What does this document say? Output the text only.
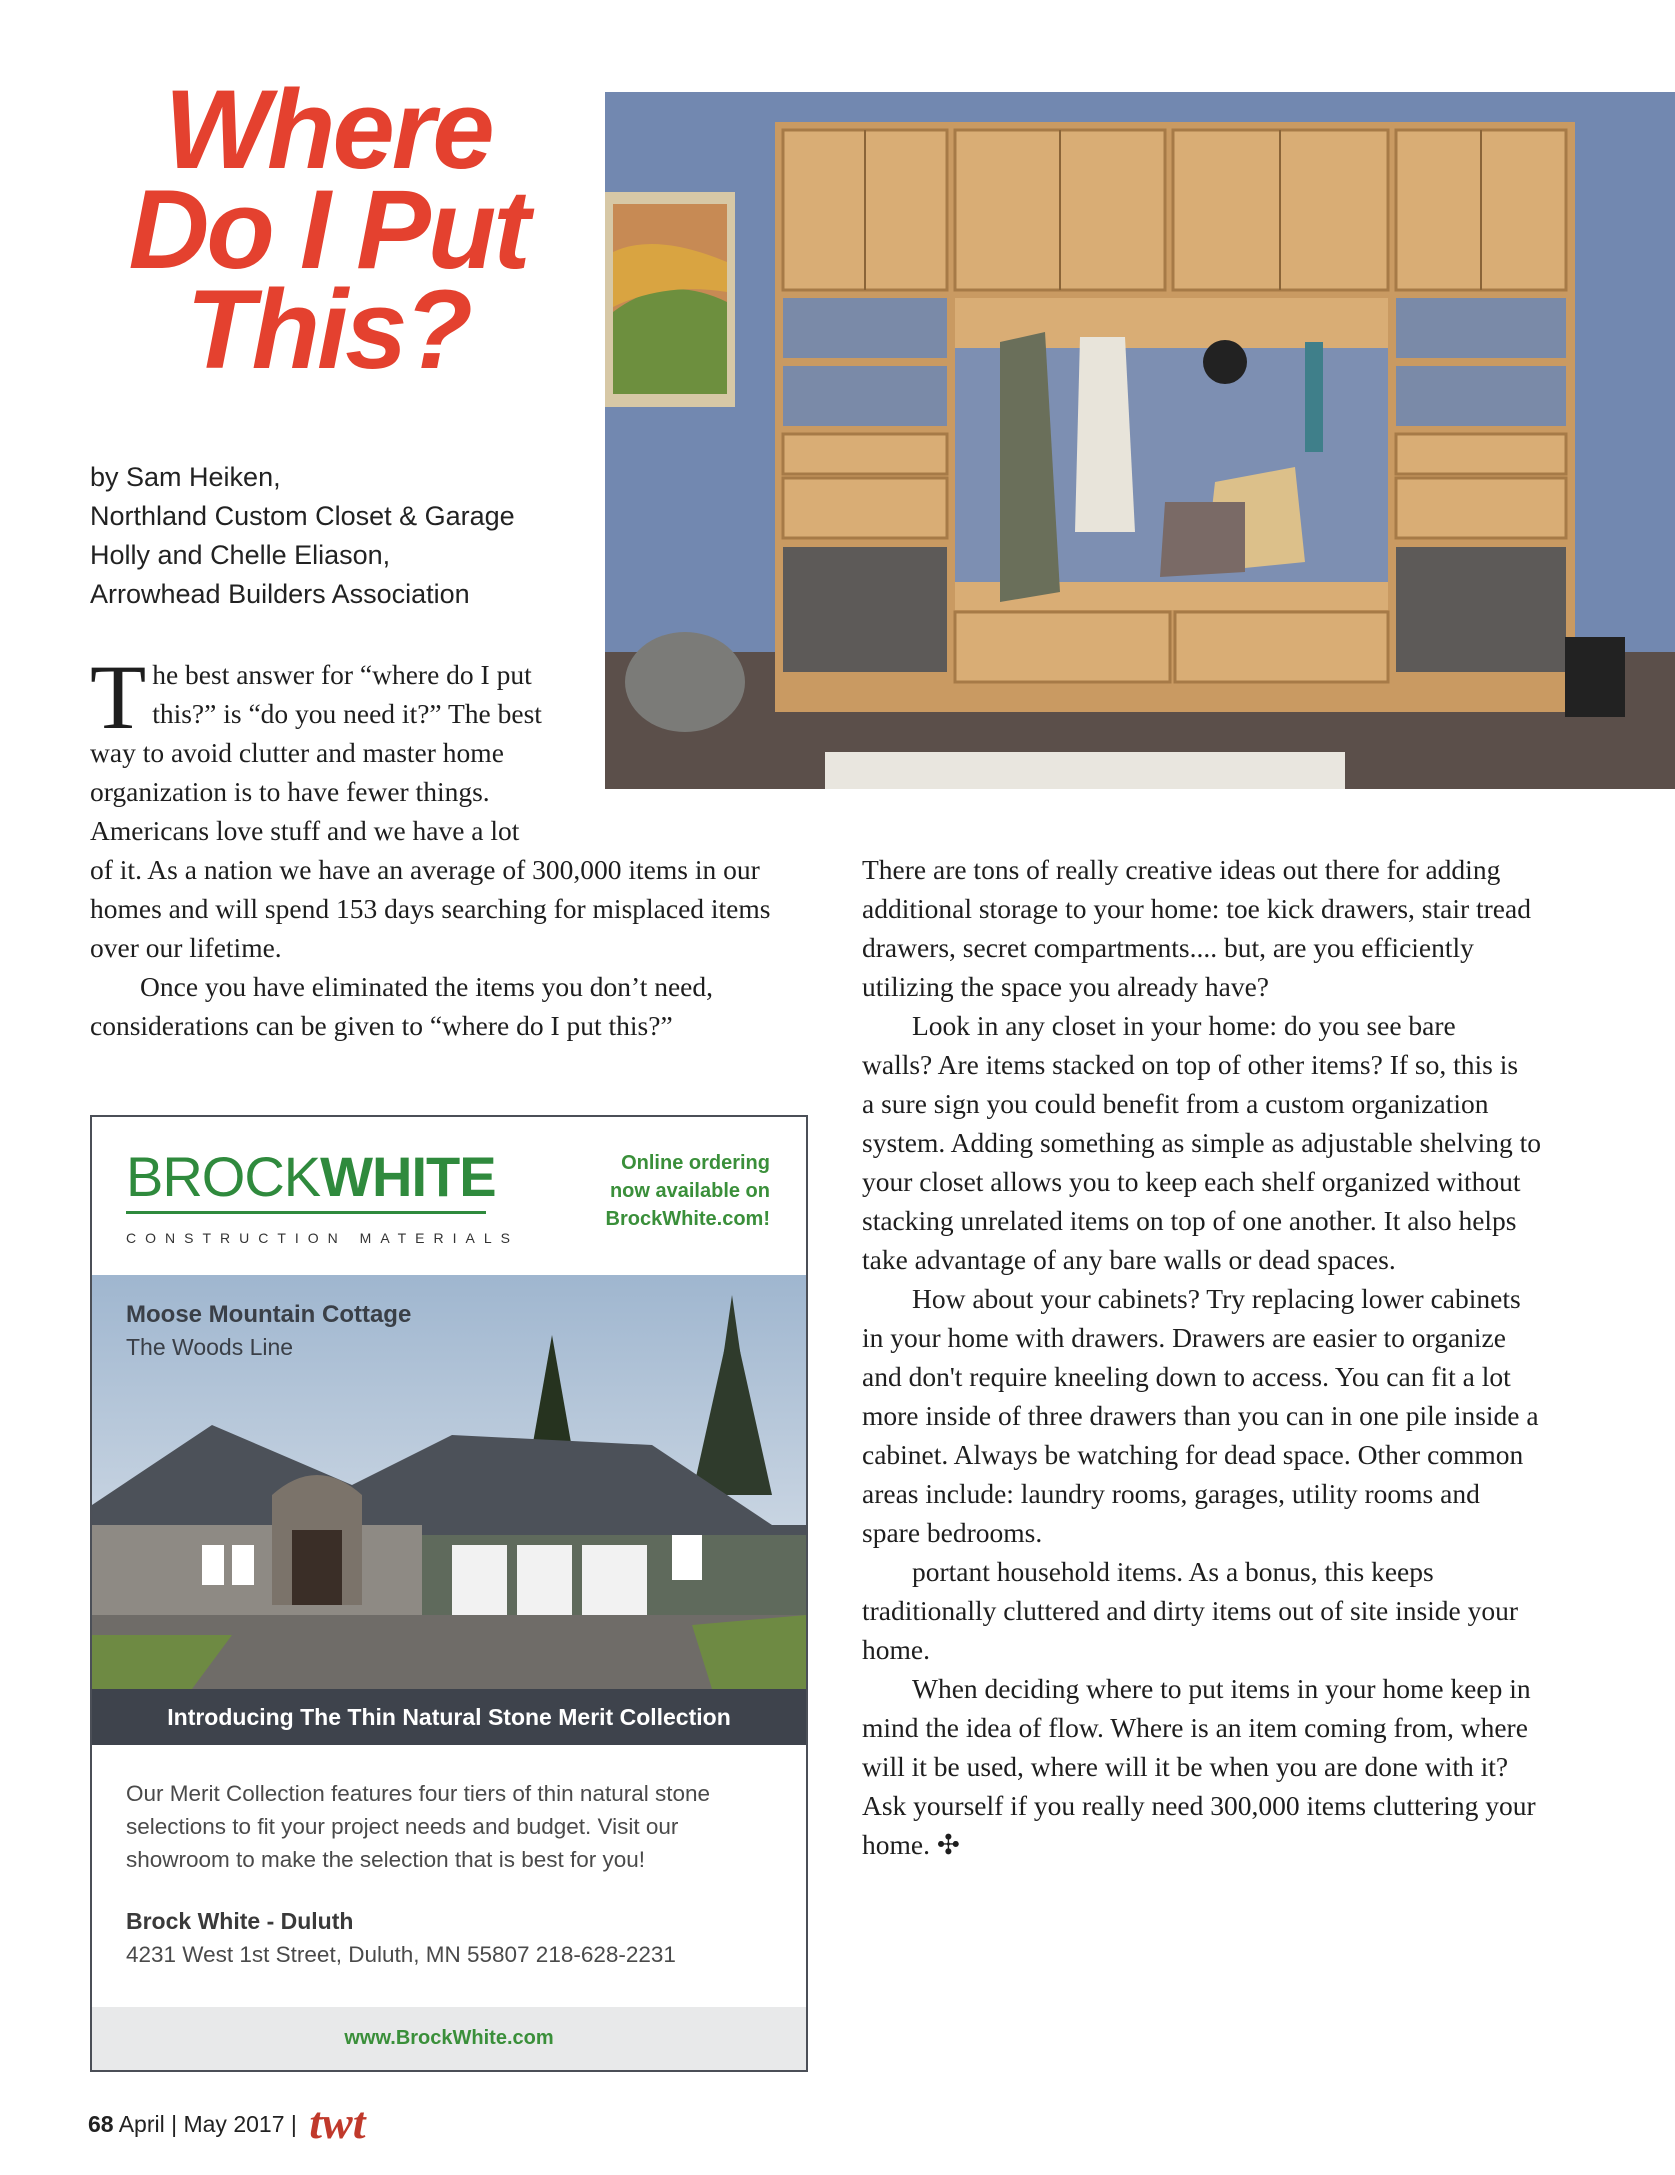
Where
Do I Put
This?
by Sam Heiken,
Northland Custom Closet & Garage
Holly and Chelle Eliason,
Arrowhead Builders Association
T he best answer for “where do I put
this?” is “do you need it?” The best
way to avoid clutter and master home
organization is to have fewer things.
Americans love stuff and we have a lot
of it. As a nation we have an average of 300,000 items in our
homes and will spend 153 days searching for misplaced items
over our lifetime.
Once you have eliminated the items you don’t need,
considerations can be given to “where do I put this?”
There are tons of really creative ideas out there for adding
additional storage to your home: toe kick drawers, stair tread
drawers, secret compartments.... but, are you efficiently
utilizing the space you already have?
Look in any closet in your home: do you see bare
walls? Are items stacked on top of other items? If so, this is
a sure sign you could benefit from a custom organization
system. Adding something as simple as adjustable shelving to
your closet allows you to keep each shelf organized without
stacking unrelated items on top of one another. It also helps
take advantage of any bare walls or dead spaces.
How about your cabinets? Try replacing lower cabinets
in your home with drawers. Drawers are easier to organize
and don't require kneeling down to access. You can fit a lot
more inside of three drawers than you can in one pile inside a
cabinet. Always be watching for dead space. Other common
areas include: laundry rooms, garages, utility rooms and
spare bedrooms.
portant household items. As a bonus, this keeps
traditionally cluttered and dirty items out of site inside your
home.
When deciding where to put items in your home keep in
mind the idea of flow. Where is an item coming from, where
will it be used, where will it be when you are done with it?
Ask yourself if you really need 300,000 items cluttering your
home. ✣
BROCKWHITE
CONSTRUCTION MATERIALS
Online ordering
now available on
BrockWhite.com!
Moose Mountain Cottage
The Woods Line
Introducing The Thin Natural Stone Merit Collection
Our Merit Collection features four tiers of thin natural stone
selections to fit your project needs and budget. Visit our
showroom to make the selection that is best for you!
Brock White - Duluth
4231 West 1st Street, Duluth, MN 55807 218-628-2231
www.BrockWhite.com
68 April | May 2017 | twt
